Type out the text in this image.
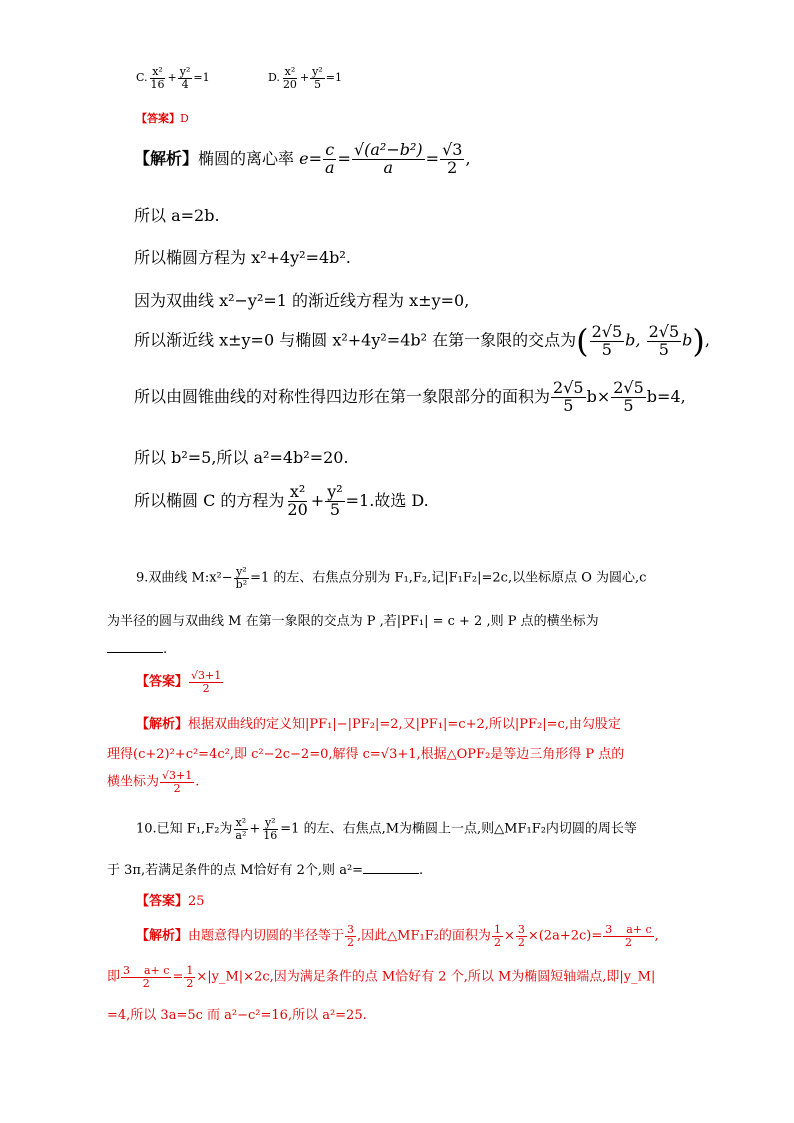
C. $\frac{\text{x²}}{16} + \frac{\text{y²}}{4} =1$	D. $\frac{\text{x²}}{20} + \frac{\text{y²}}{5} =1$
【答案】D
【解析】椭圆的离心率 $e= \frac{c}{a} = \frac{\text{√(a²−b²)}}{a} = \frac{√3}{2}$ ,
所以 a=2b.
所以椭圆方程为 x²+4y²=4b².
因为双曲线 x²−y²=1 的渐近线方程为 x±y=0,
所以渐近线 x±y=0 与椭圆 x²+4y²=4b² 在第一象限的交点为( $\frac{2√5}{5} b$, $\frac{2√5}{5} b$),
所以由圆锥曲线的对称性得四边形在第一象限部分的面积为 $\frac{2√5}{5} b\times \frac{2√5}{5} b=4$,
所以 b²=5,所以 a²=4b²=20.
所以椭圆 C 的方程为 $\frac{\text{x²}}{20} + \frac{\text{y²}}{5} =1$.故选 D.
9.双曲线 M:x²− $\frac{\text{y²}}{\text{b²}} =1$ 的左、右焦点分别为 F₁,F₂,记|F₁F₂|=2c,以坐标原点 O 为圆心,c
为半径的圆与双曲线 M 在第一象限的交点为 P ,若|PF₁| = c + 2 ,则 P 点的横坐标为
.
【答案】 $\frac{√3+1}{2}$
【解析】根据双曲线的定义知|PF₁|−|PF₂|=2,又|PF₁|=c+2,所以|PF₂|=c,由勾股定
理得(c+2)²+c²=4c²,即 c²−2c−2=0,解得 c=√3+1,根据△OPF₂是等边三角形得 P 点的
横坐标为 $\frac{√3+1}{2}$ .
10.已知 F₁,F₂为 $\frac{\text{x²}}{\text{a²}} + \frac{\text{y²}}{16} =1$ 的左、右焦点,M为椭圆上一点,则△MF₁F₂内切圆的周长等
于 3π,若满足条件的点 M恰好有 2个,则 a²=	.
【答案】25
【解析】由题意得内切圆的半径等于 $\frac{3}{2}$ ,因此△MF₁F₂的面积为 $\frac{1}{2} \times \frac{3}{2} \times(2a+2c)= \frac{3 a+ c}{2}$ ,
即 $\frac{3 a+ c}{2} = \frac{1}{2}$ ×|y_M|×2c,因为满足条件的点 M恰好有 2 个,所以 M为椭圆短轴端点,即|y_M|
=4,所以 3a=5c 而 a²−c²=16,所以 a²=25.
